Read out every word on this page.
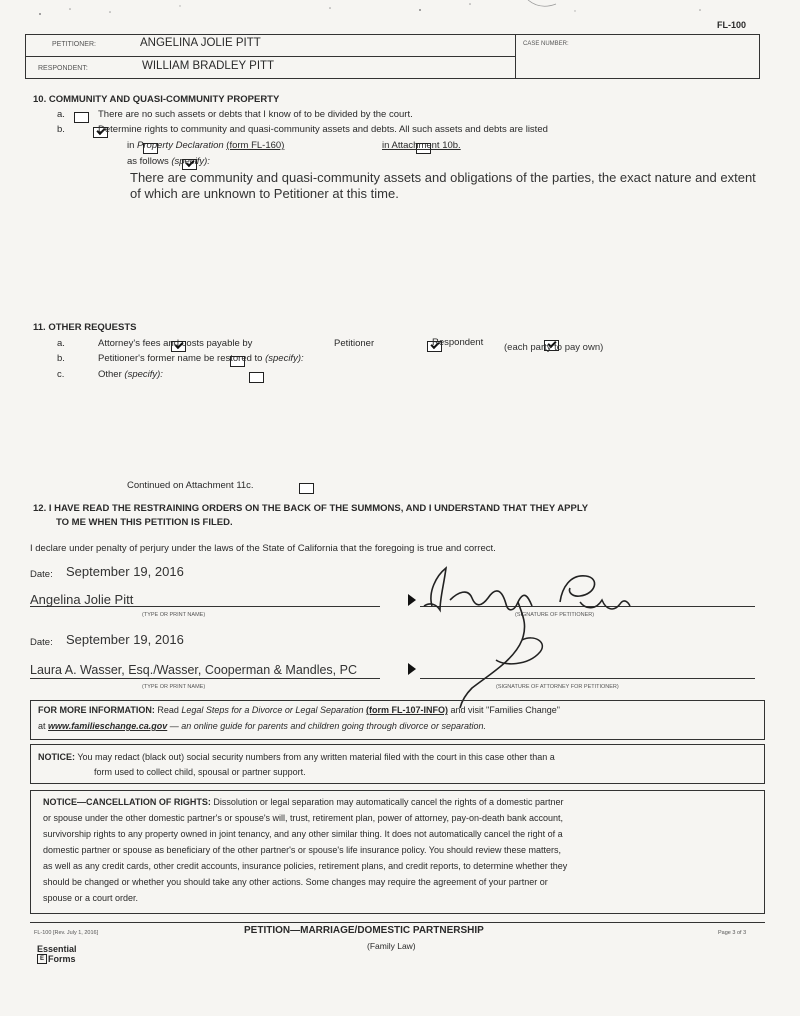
FL-100
PETITIONER:	ANGELINA JOLIE PITT
RESPONDENT:	WILLIAM BRADLEY PITT
CASE NUMBER:
10. COMMUNITY AND QUASI-COMMUNITY PROPERTY
a.
	There are no such assets or debts that I know of to be divided by the court.
b.
	Determine rights to community and quasi-community assets and debts. All such assets and debts are listed

in Property Declaration (form FL-160)
	in Attachment 10b.

as follows (specify):
There are community and quasi-community assets and obligations of the parties, the exact nature and extent
of which are unknown to Petitioner at this time.
11. OTHER REQUESTS
a.
	Attorney's fees and costs payable by
	Petitioner
	Respondent (each party to pay own)
b.
	Petitioner's former name be restored to (specify):
c.
	Other (specify):
Continued on Attachment 11c.
12. I HAVE READ THE RESTRAINING ORDERS ON THE BACK OF THE SUMMONS, AND I UNDERSTAND THAT THEY APPLY
TO ME WHEN THIS PETITION IS FILED.
I declare under penalty of perjury under the laws of the State of California that the foregoing is true and correct.
Date: September 19, 2016
Angelina Jolie Pitt
(TYPE OR PRINT NAME)	(SIGNATURE OF PETITIONER)
Date: September 19, 2016
Laura A. Wasser, Esq./Wasser, Cooperman & Mandles, PC
(TYPE OR PRINT NAME)	(SIGNATURE OF ATTORNEY FOR PETITIONER)
FOR MORE INFORMATION: Read Legal Steps for a Divorce or Legal Separation (form FL-107-INFO) and visit "Families Change"
at www.familieschange.ca.gov — an online guide for parents and children going through divorce or separation.
NOTICE: You may redact (black out) social security numbers from any written material filed with the court in this case other than a
form used to collect child, spousal or partner support.
NOTICE—CANCELLATION OF RIGHTS: Dissolution or legal separation may automatically cancel the rights of a domestic partner
or spouse under the other domestic partner's or spouse's will, trust, retirement plan, power of attorney, pay-on-death bank account,
survivorship rights to any property owned in joint tenancy, and any other similar thing. It does not automatically cancel the right of a
domestic partner or spouse as beneficiary of the other partner's or spouse's life insurance policy. You should review these matters,
as well as any credit cards, other credit accounts, insurance policies, retirement plans, and credit reports, to determine whether they
should be changed or whether you should take any other actions. Some changes may require the agreement of your partner or
spouse or a court order.
FL-100 [Rev. July 1, 2016]	PETITION—MARRIAGE/DOMESTIC PARTNERSHIP
(Family Law)
Page 3 of 3
Essential
E Forms
